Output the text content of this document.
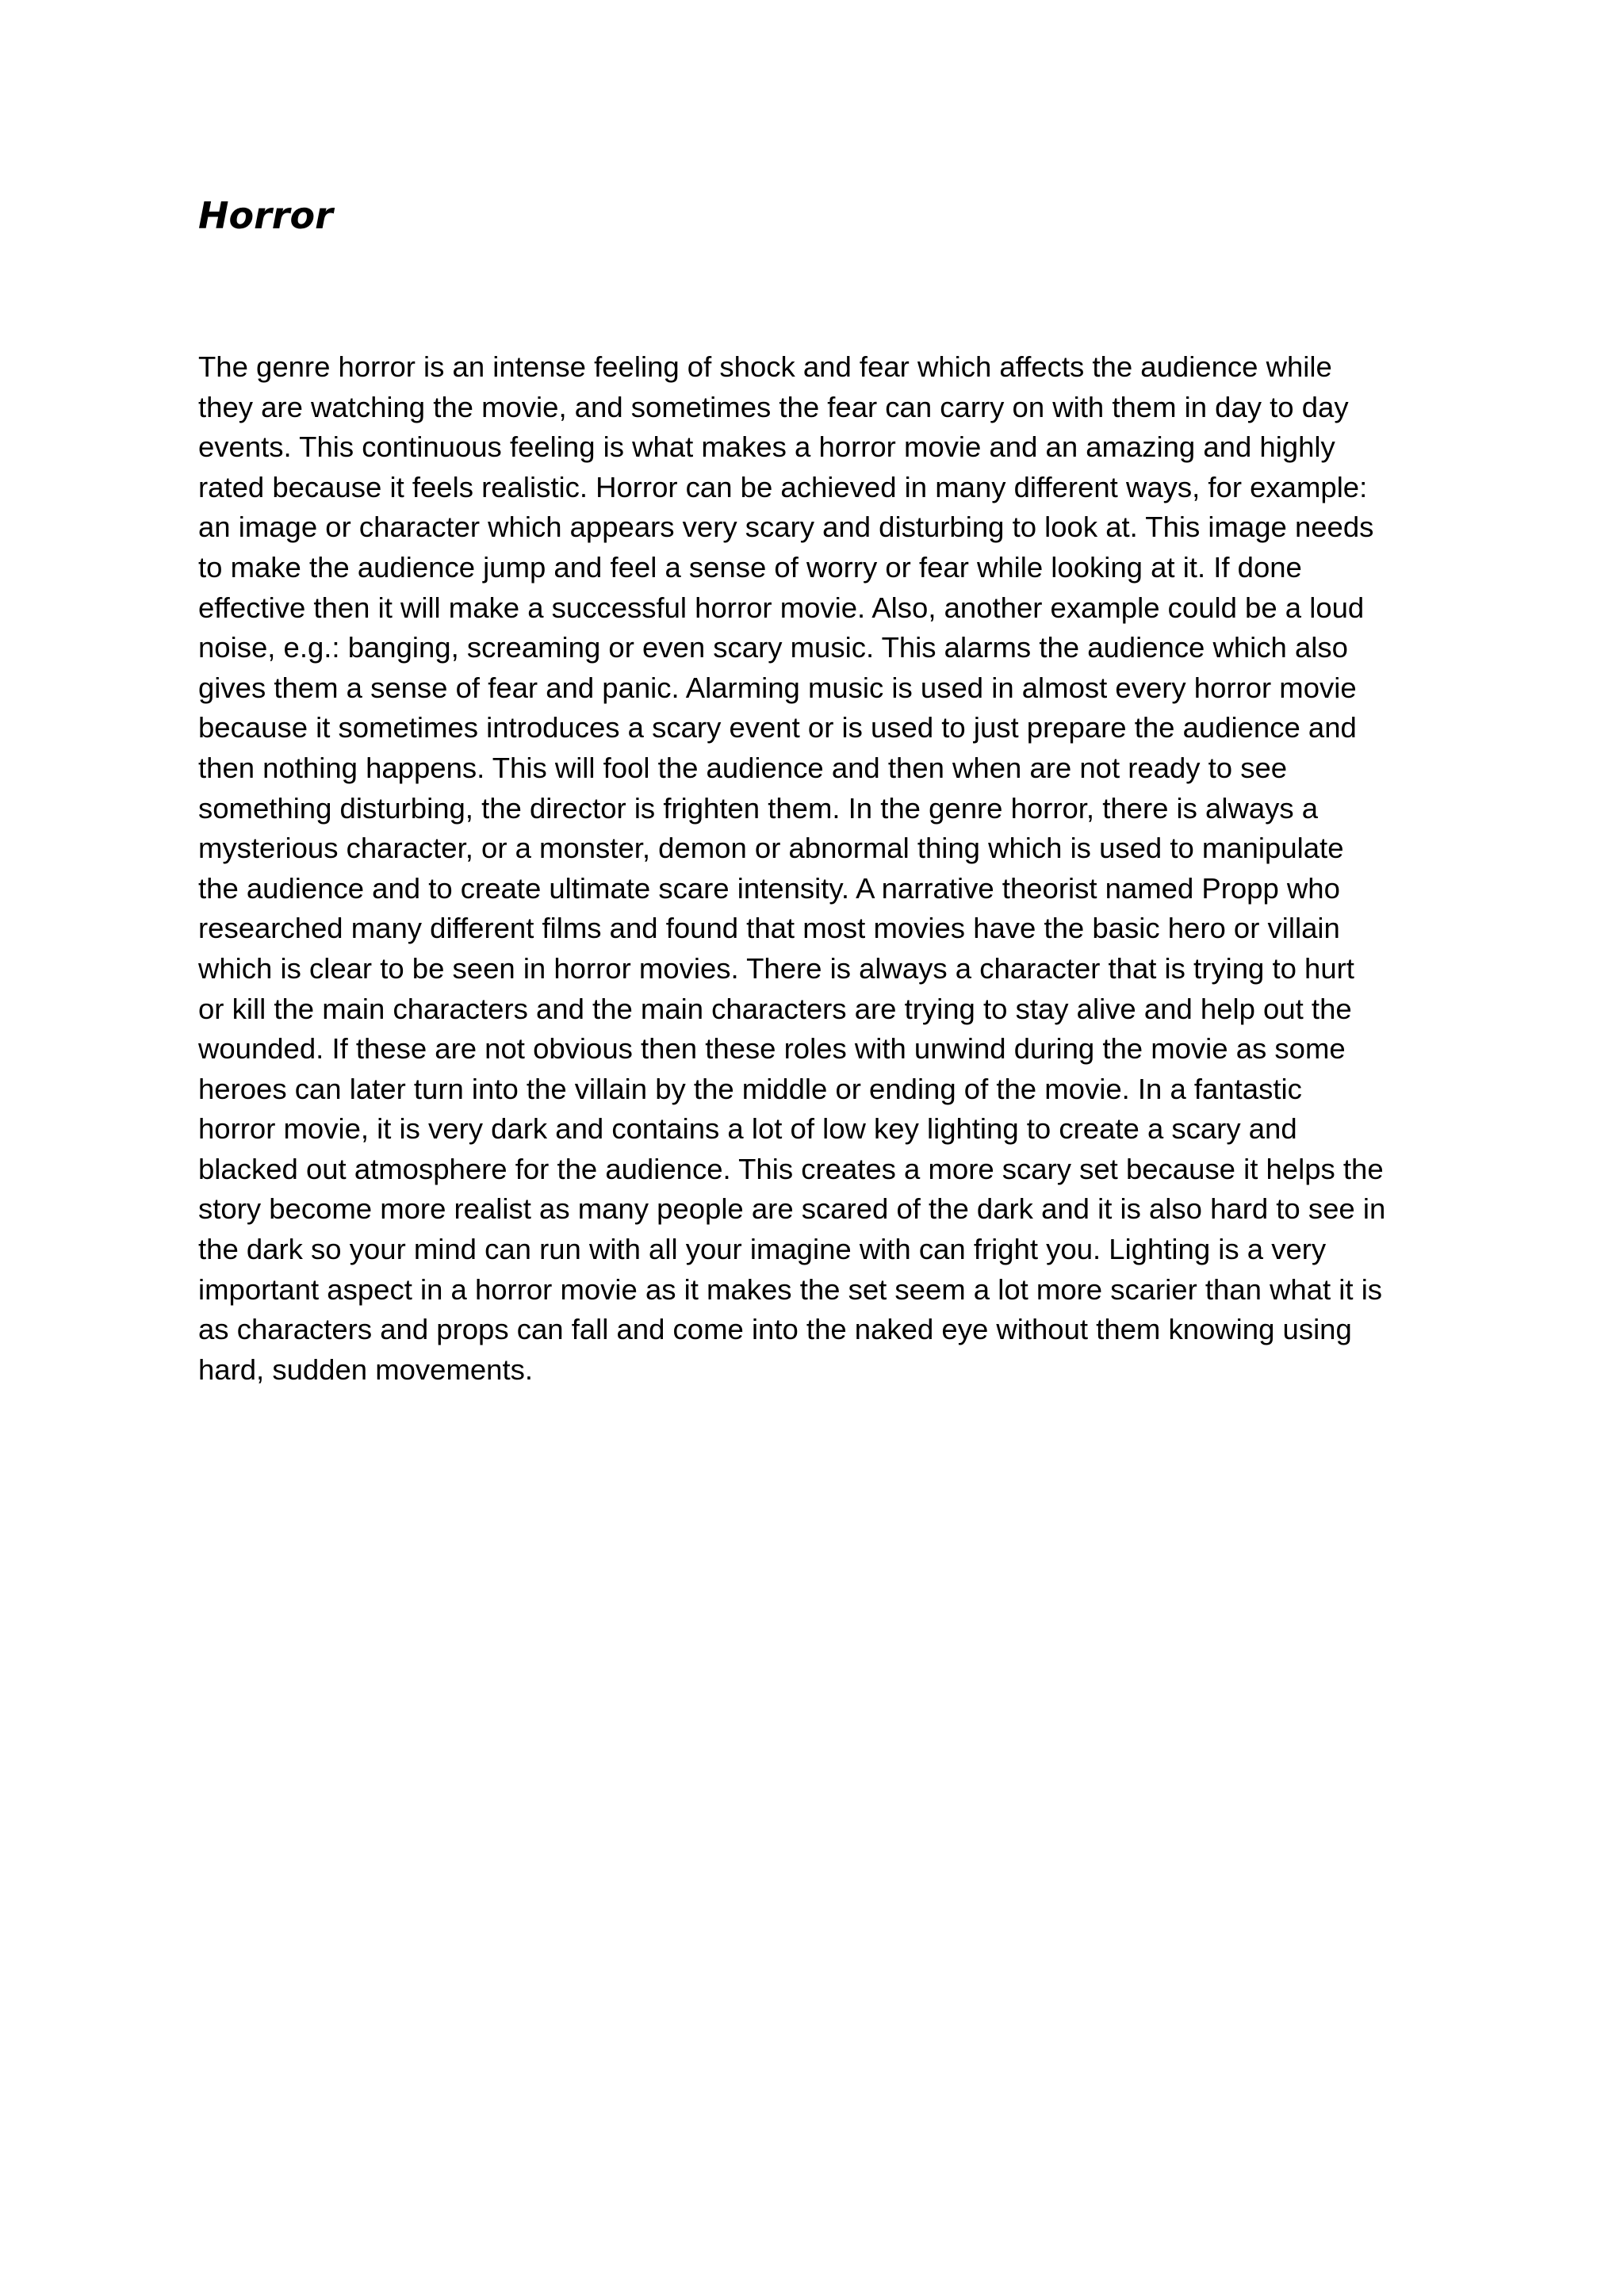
Horror

The genre horror is an intense feeling of shock and fear which affects the audience while
they are watching the movie, and sometimes the fear can carry on with them in day to day
events. This continuous feeling is what makes a horror movie and an amazing and highly
rated because it feels realistic. Horror can be achieved in many different ways, for example:
an image or character which appears very scary and disturbing to look at. This image needs
to make the audience jump and feel a sense of worry or fear while looking at it. If done
effective then it will make a successful horror movie. Also, another example could be a loud
noise, e.g.: banging, screaming or even scary music. This alarms the audience which also
gives them a sense of fear and panic. Alarming music is used in almost every horror movie
because it sometimes introduces a scary event or is used to just prepare the audience and
then nothing happens. This will fool the audience and then when are not ready to see
something disturbing, the director is frighten them. In the genre horror, there is always a
mysterious character, or a monster, demon or abnormal thing which is used to manipulate
the audience and to create ultimate scare intensity. A narrative theorist named Propp who
researched many different films and found that most movies have the basic hero or villain
which is clear to be seen in horror movies. There is always a character that is trying to hurt
or kill the main characters and the main characters are trying to stay alive and help out the
wounded. If these are not obvious then these roles with unwind during the movie as some
heroes can later turn into the villain by the middle or ending of the movie. In a fantastic
horror movie, it is very dark and contains a lot of low key lighting to create a scary and
blacked out atmosphere for the audience. This creates a more scary set because it helps the
story become more realist as many people are scared of the dark and it is also hard to see in
the dark so your mind can run with all your imagine with can fright you. Lighting is a very
important aspect in a horror movie as it makes the set seem a lot more scarier than what it is
as characters and props can fall and come into the naked eye without them knowing using
hard, sudden movements.
